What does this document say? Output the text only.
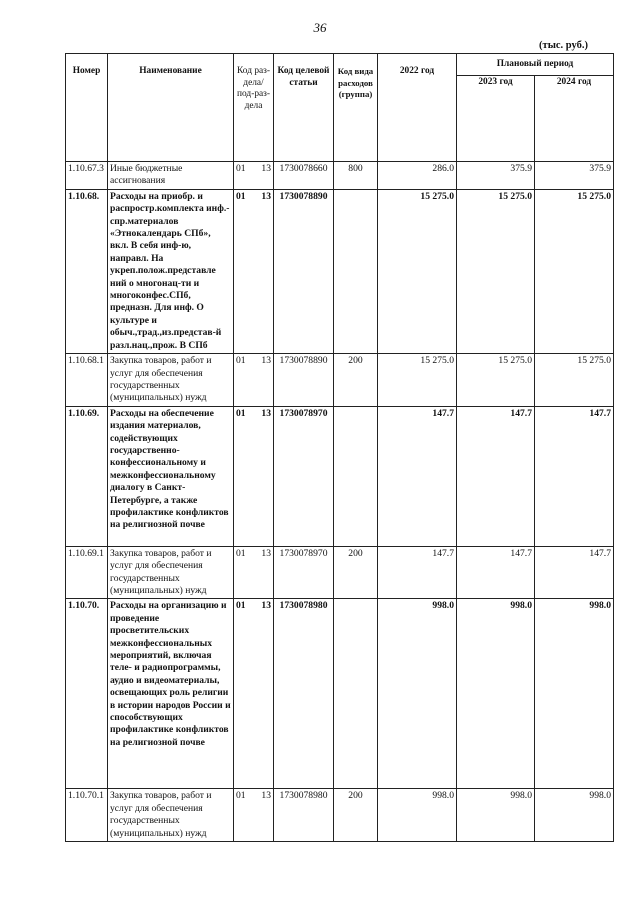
36
(тыс. руб.)
Номер	Наименование	Код раз-дела/ под-раз-дела	Код целевой статьи	Код вида расходов (группа)	2022 год	Плановый период	
						2023 год	2024 год
1.10.67.3	Иные бюджетные ассигнования	01 13	1730078660	800	286.0	375.9	375.9
1.10.68.	Расходы на приобр. и распростр.комплекта инф.-спр.материалов «Этнокалендарь СПб», вкл. В себя инф-ю, направл. На укреп.полож.представле ний о многонац-ти и многоконфес.СПб, предназн. Для инф. О культуре и обыч.,трад.,из.представ-й разл.нац.,прож. В СПб	01 13	1730078890		15 275.0	15 275.0	15 275.0
1.10.68.1	Закупка товаров, работ и услуг для обеспечения государственных (муниципальных) нужд	01 13	1730078890	200	15 275.0	15 275.0	15 275.0
1.10.69.	Расходы на обеспечение издания материалов, содействующих государственно-конфессиональному и межконфессиональному диалогу в Санкт-Петербурге, а также профилактике конфликтов на религиозной почве	01 13	1730078970		147.7	147.7	147.7
1.10.69.1	Закупка товаров, работ и услуг для обеспечения государственных (муниципальных) нужд	01 13	1730078970	200	147.7	147.7	147.7
1.10.70.	Расходы на организацию и проведение просветительских межконфессиональных мероприятий, включая теле- и радиопрограммы, аудио и видеоматериалы, освещающих роль религии в истории народов России и способствующих профилактике конфликтов на религиозной почве	01 13	1730078980		998.0	998.0	998.0
1.10.70.1	Закупка товаров, работ и услуг для обеспечения государственных (муниципальных) нужд	01 13	1730078980	200	998.0	998.0	998.0
